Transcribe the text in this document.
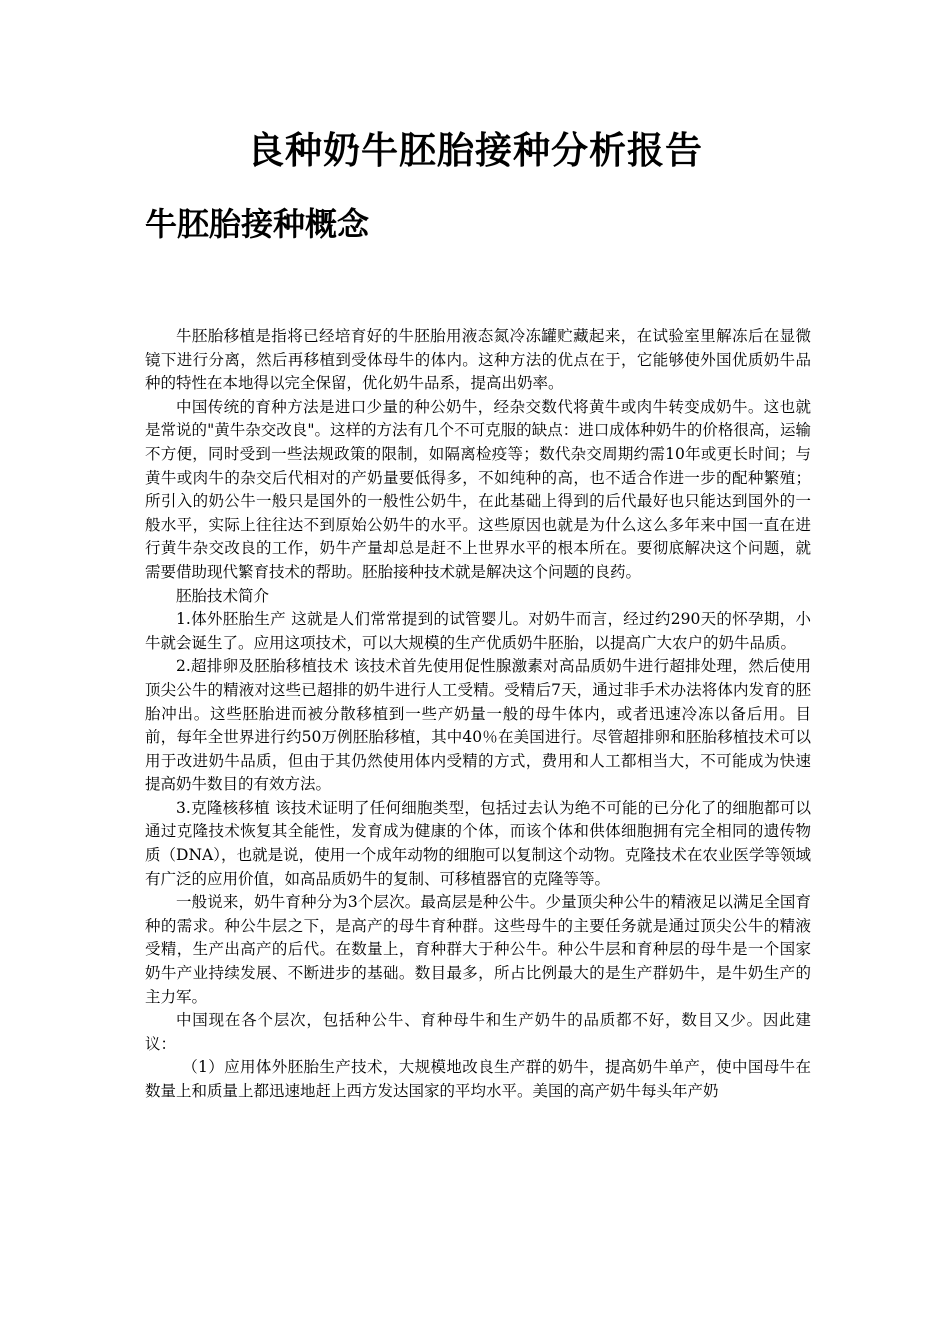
良种奶牛胚胎接种分析报告
牛胚胎接种概念

牛胚胎移植是指将已经培育好的牛胚胎用液态氮冷冻罐贮藏起来，在试验室里解冻后在显微镜下进行分离，然后再移植到受体母牛的体内。这种方法的优点在于，它能够使外国优质奶牛品种的特性在本地得以完全保留，优化奶牛品系，提高出奶率。

中国传统的育种方法是进口少量的种公奶牛，经杂交数代将黄牛或肉牛转变成奶牛。这也就是常说的"黄牛杂交改良"。这样的方法有几个不可克服的缺点：进口成体种奶牛的价格很高，运输不方便，同时受到一些法规政策的限制，如隔离检疫等；数代杂交周期约需10年或更长时间；与黄牛或肉牛的杂交后代相对的产奶量要低得多，不如纯种的高，也不适合作进一步的配种繁殖；所引入的奶公牛一般只是国外的一般性公奶牛，在此基础上得到的后代最好也只能达到国外的一般水平，实际上往往达不到原始公奶牛的水平。这些原因也就是为什么这么多年来中国一直在进行黄牛杂交改良的工作，奶牛产量却总是赶不上世界水平的根本所在。要彻底解决这个问题，就需要借助现代繁育技术的帮助。胚胎接种技术就是解决这个问题的良药。

胚胎技术简介

1.体外胚胎生产 这就是人们常常提到的试管婴儿。对奶牛而言，经过约290天的怀孕期，小牛就会诞生了。应用这项技术，可以大规模的生产优质奶牛胚胎，以提高广大农户的奶牛品质。

2.超排卵及胚胎移植技术 该技术首先使用促性腺激素对高品质奶牛进行超排处理，然后使用顶尖公牛的精液对这些已超排的奶牛进行人工受精。受精后7天，通过非手术办法将体内发育的胚胎冲出。这些胚胎进而被分散移植到一些产奶量一般的母牛体内，或者迅速冷冻以备后用。目前，每年全世界进行约50万例胚胎移植，其中40％在美国进行。尽管超排卵和胚胎移植技术可以用于改进奶牛品质，但由于其仍然使用体内受精的方式，费用和人工都相当大，不可能成为快速提高奶牛数目的有效方法。

3.克隆核移植 该技术证明了任何细胞类型，包括过去认为绝不可能的已分化了的细胞都可以通过克隆技术恢复其全能性，发育成为健康的个体，而该个体和供体细胞拥有完全相同的遗传物质（DNA），也就是说，使用一个成年动物的细胞可以复制这个动物。克隆技术在农业医学等领域有广泛的应用价值，如高品质奶牛的复制、可移植器官的克隆等等。

一般说来，奶牛育种分为3个层次。最高层是种公牛。少量顶尖种公牛的精液足以满足全国育种的需求。种公牛层之下，是高产的母牛育种群。这些母牛的主要任务就是通过顶尖公牛的精液受精，生产出高产的后代。在数量上，育种群大于种公牛。种公牛层和育种层的母牛是一个国家奶牛产业持续发展、不断进步的基础。数目最多，所占比例最大的是生产群奶牛，是牛奶生产的主力军。

中国现在各个层次，包括种公牛、育种母牛和生产奶牛的品质都不好，数目又少。因此建议：

（1）应用体外胚胎生产技术，大规模地改良生产群的奶牛，提高奶牛单产，使中国母牛在数量上和质量上都迅速地赶上西方发达国家的平均水平。美国的高产奶牛每头年产奶
